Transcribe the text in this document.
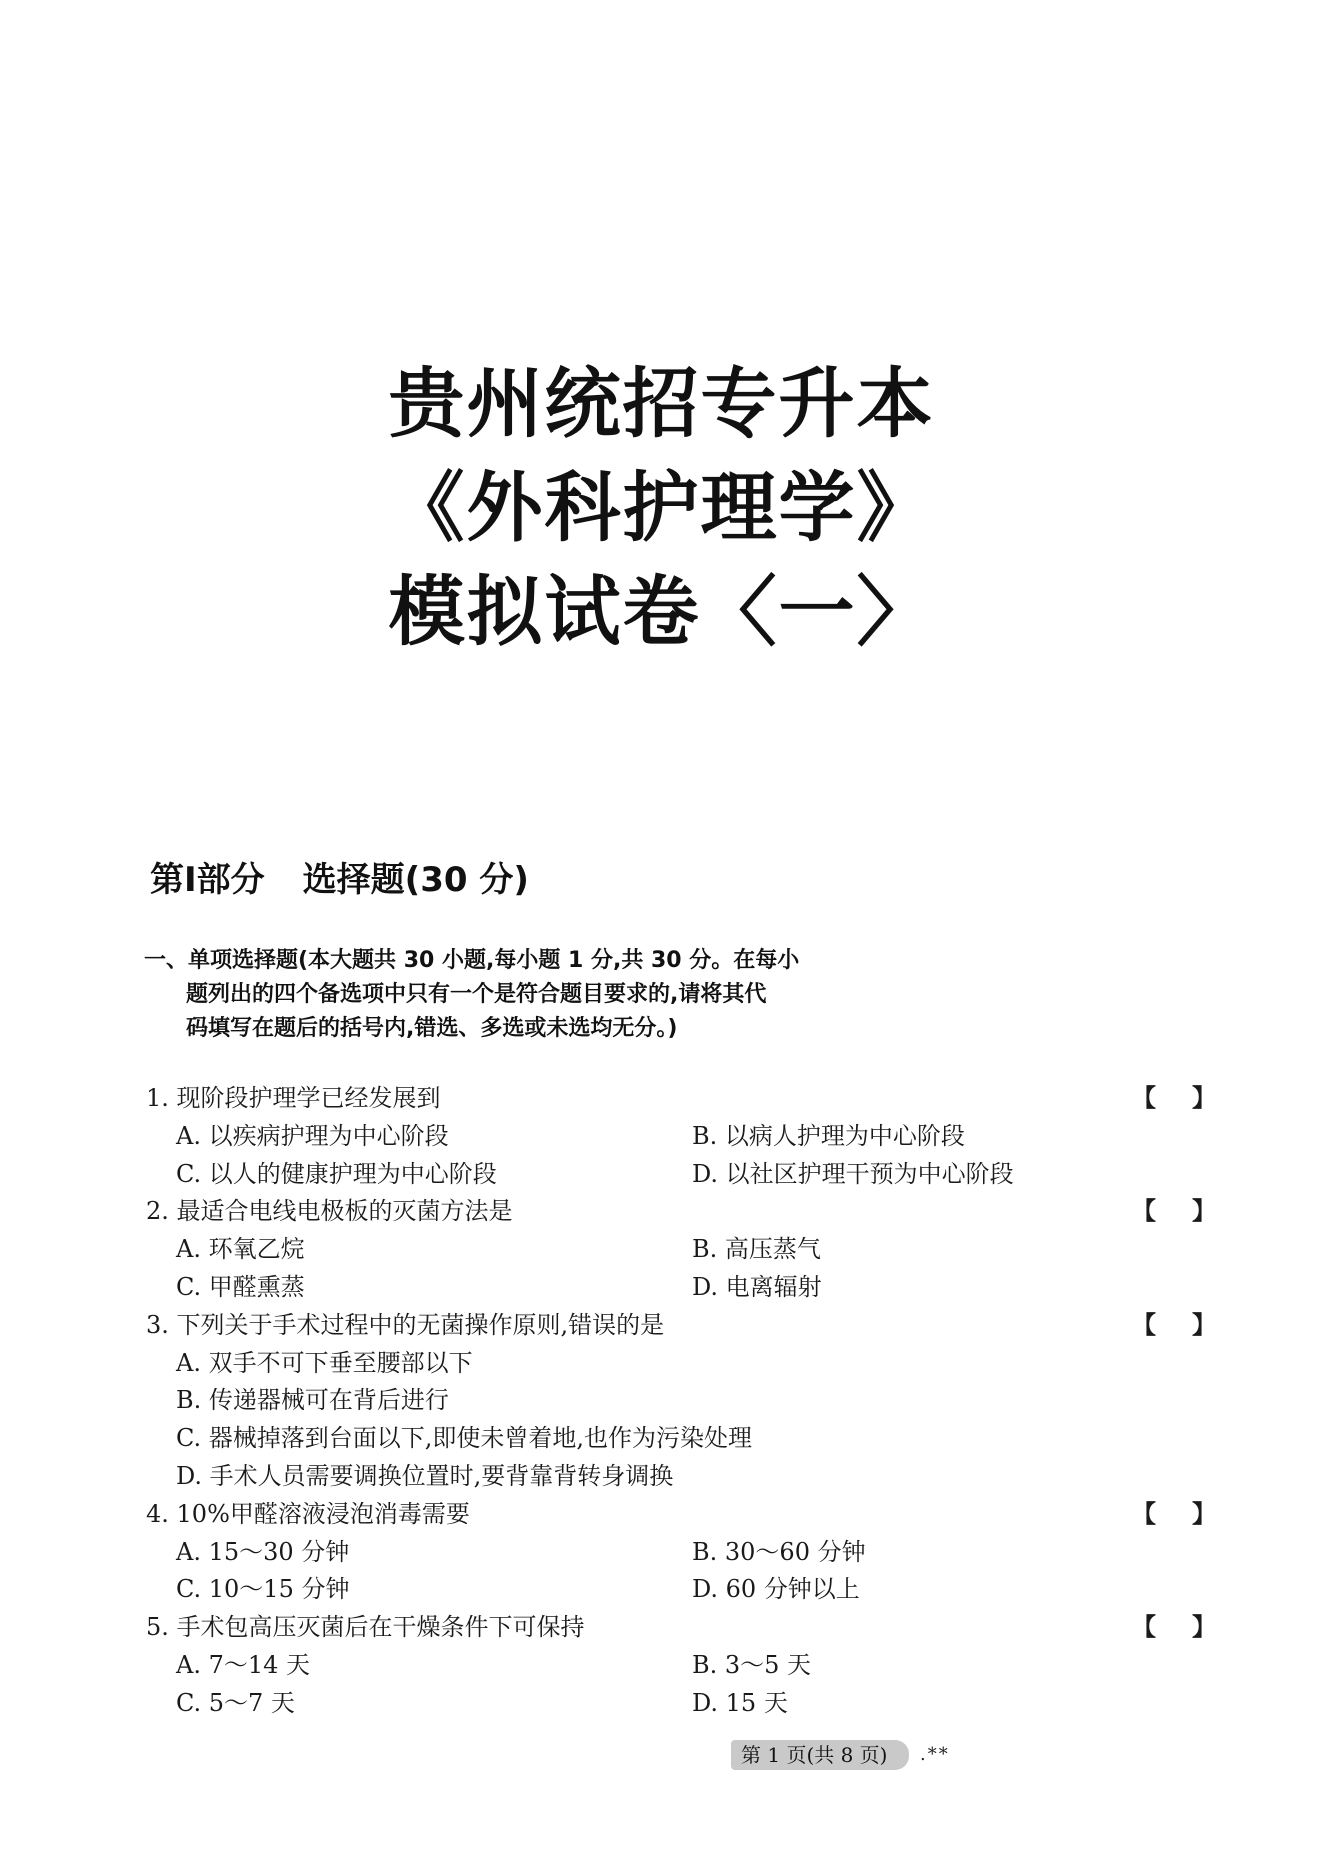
贵州统招专升本
《外科护理学》
模拟试卷〈一〉
第Ⅰ部分 选择题(30 分)
一、单项选择题(本大题共 30 小题,每小题 1 分,共 30 分。在每小
题列出的四个备选项中只有一个是符合题目要求的,请将其代
码填写在题后的括号内,错选、多选或未选均无分。)
1. 现阶段护理学已经发展到	【 】
A. 以疾病护理为中心阶段	B. 以病人护理为中心阶段
C. 以人的健康护理为中心阶段	D. 以社区护理干预为中心阶段
2. 最适合电线电极板的灭菌方法是	【 】
A. 环氧乙烷	B. 高压蒸气
C. 甲醛熏蒸	D. 电离辐射
3. 下列关于手术过程中的无菌操作原则,错误的是	【 】
A. 双手不可下垂至腰部以下
B. 传递器械可在背后进行
C. 器械掉落到台面以下,即使未曾着地,也作为污染处理
D. 手术人员需要调换位置时,要背靠背转身调换
4. 10%甲醛溶液浸泡消毒需要	【 】
A. 15～30 分钟	B. 30～60 分钟
C. 10～15 分钟	D. 60 分钟以上
5. 手术包高压灭菌后在干燥条件下可保持	【 】
A. 7～14 天	B. 3～5 天
C. 5～7 天	D. 15 天
第 1 页(共 8 页)	.**
